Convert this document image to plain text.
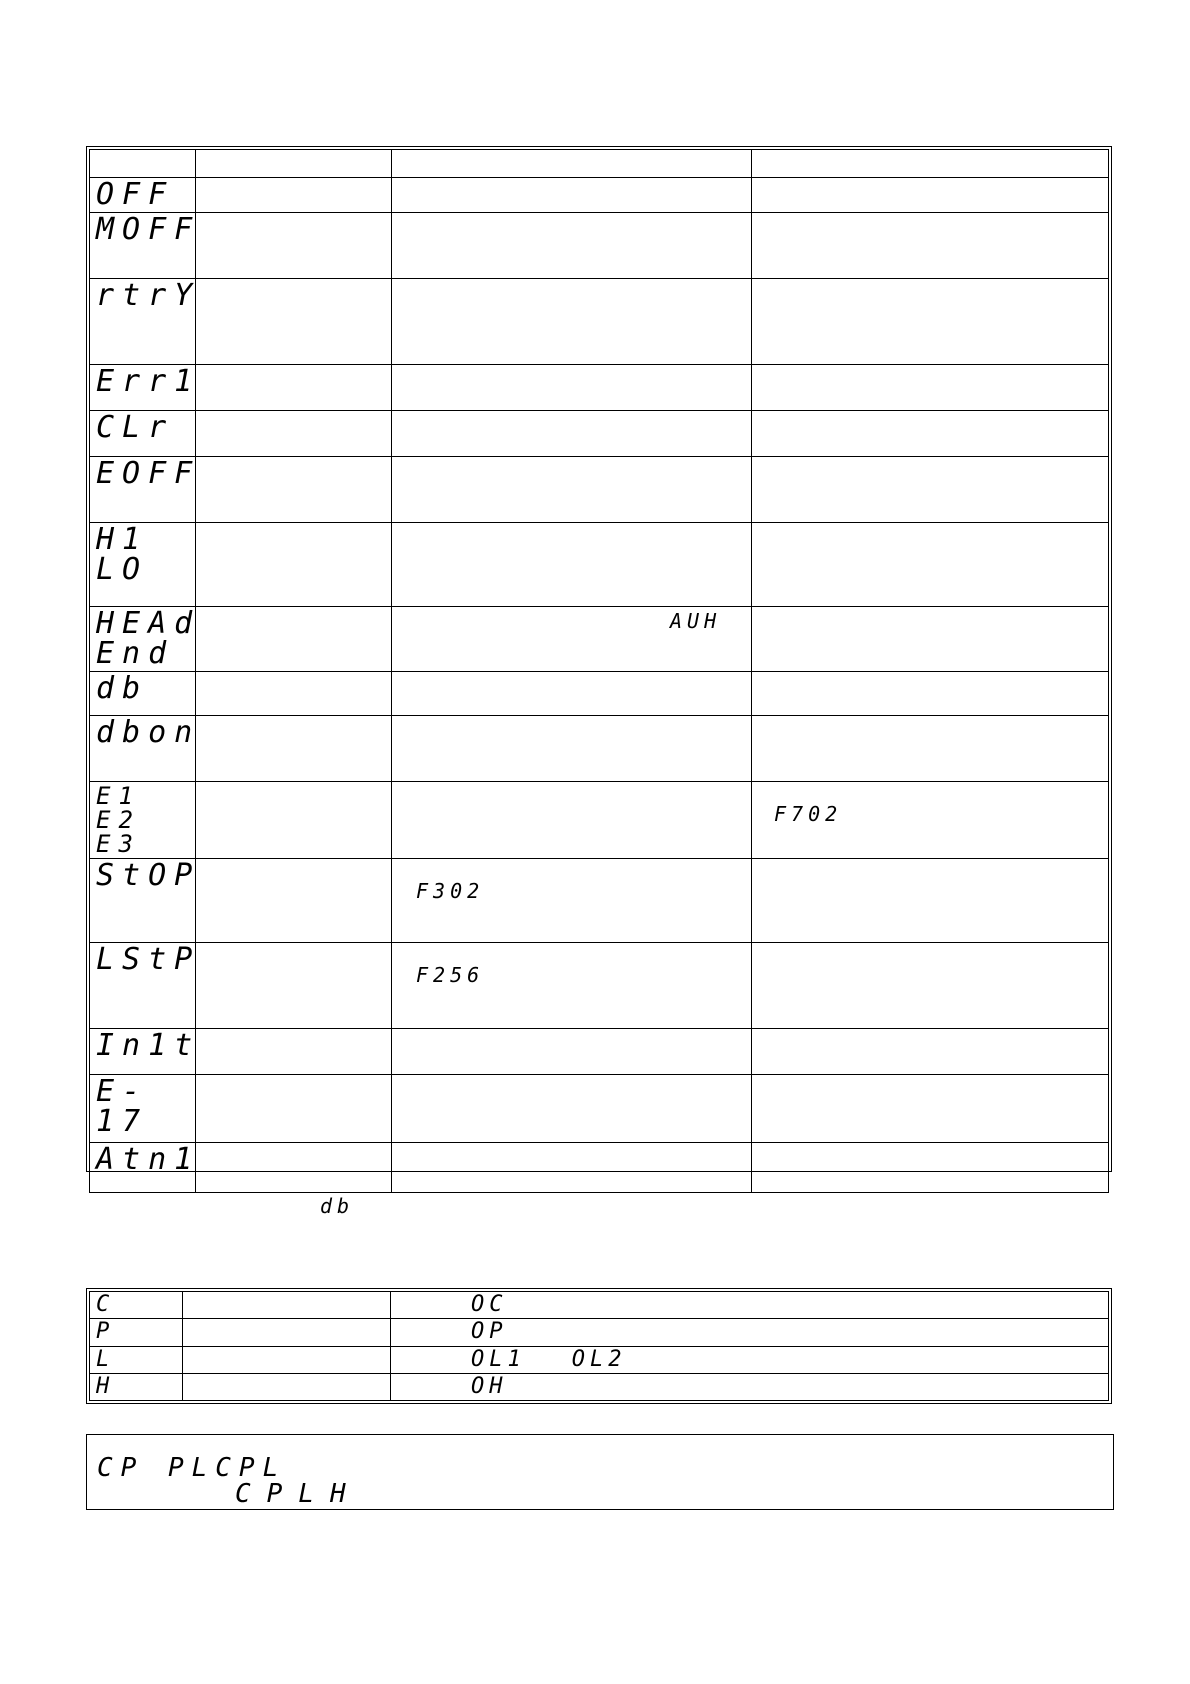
OFF			

MOFF			

rtrY			

Err1			

CLr			

EOFF			

H1
LO			

HEAd
End		AUH	

db			

dbon			

E1
E2
E3			F702

StOP		F302	

LStP		F256	

In1t			

E-17			

Atn1			

db
C		OC

P		OP

L		OL1 OL2

H		OH
CP PLCPL
CPLH
